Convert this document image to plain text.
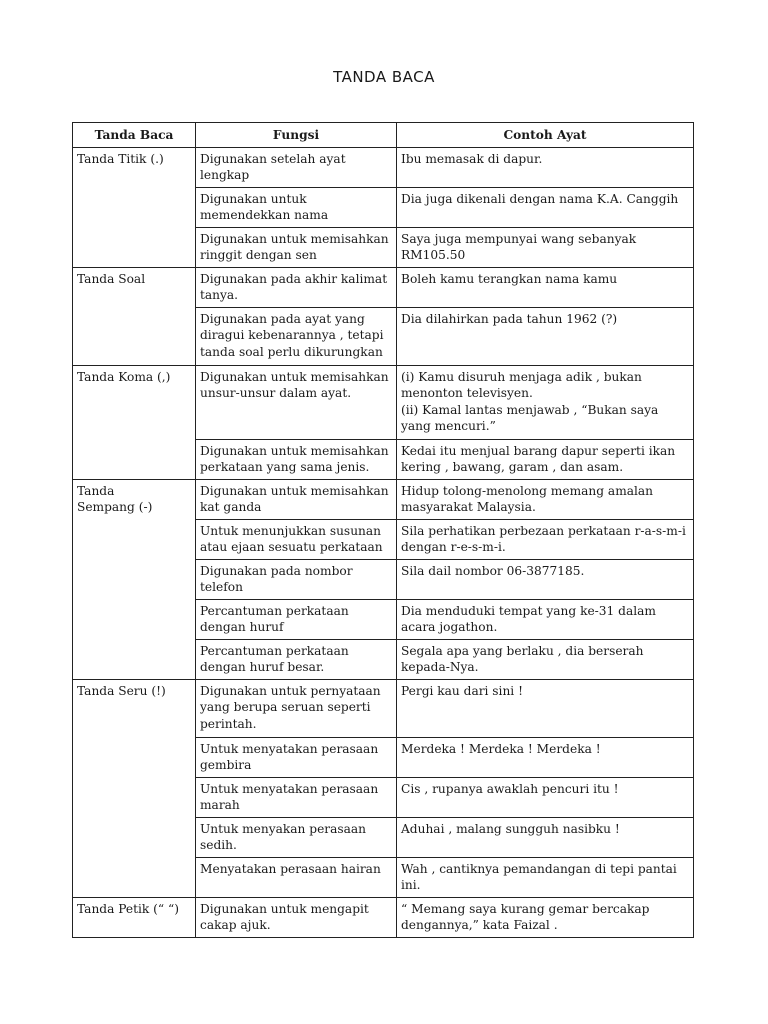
TANDA BACA
Tanda Baca	Fungsi	Contoh Ayat
Tanda Titik (.)	Digunakan setelah ayat lengkap	Ibu memasak di dapur.
	Digunakan untuk memendekkan nama	Dia juga dikenali dengan nama K.A. Canggih
	Digunakan untuk memisahkan ringgit dengan sen	Saya juga mempunyai wang sebanyak RM105.50
Tanda Soal	Digunakan pada akhir kalimat tanya.	Boleh kamu terangkan nama kamu
	Digunakan pada ayat yang diragui kebenarannya , tetapi tanda soal perlu dikurungkan	Dia dilahirkan pada tahun 1962 (?)
Tanda Koma (,)	Digunakan untuk memisahkan unsur-unsur dalam ayat.	(i) Kamu disuruh menjaga adik , bukan menonton televisyen.
(ii) Kamal lantas menjawab , “Bukan saya yang mencuri.”
	Digunakan untuk memisahkan perkataan yang sama jenis.	Kedai itu menjual barang dapur seperti ikan kering , bawang, garam , dan asam.
Tanda
Sempang (-)	Digunakan untuk memisahkan kat ganda	Hidup tolong-menolong memang amalan masyarakat Malaysia.
	Untuk menunjukkan susunan atau ejaan sesuatu perkataan	Sila perhatikan perbezaan perkataan r-a-s-m-i dengan r-e-s-m-i.
	Digunakan pada nombor telefon	Sila dail nombor 06-3877185.
	Percantuman perkataan dengan huruf	Dia menduduki tempat yang ke-31 dalam acara jogathon.
	Percantuman perkataan dengan huruf besar.	Segala apa yang berlaku , dia berserah
kepada-Nya.
Tanda Seru (!)	Digunakan untuk pernyataan yang berupa seruan seperti perintah.	Pergi kau dari sini !
	Untuk menyatakan perasaan gembira	Merdeka ! Merdeka ! Merdeka !
	Untuk menyatakan perasaan marah	Cis , rupanya awaklah pencuri itu !
	Untuk menyakan perasaan sedih.	Aduhai , malang sungguh nasibku !
	Menyatakan perasaan hairan	Wah , cantiknya pemandangan di tepi pantai ini.
Tanda Petik (“ “)	Digunakan untuk mengapit cakap ajuk.	“ Memang saya kurang gemar bercakap dengannya,” kata Faizal .
